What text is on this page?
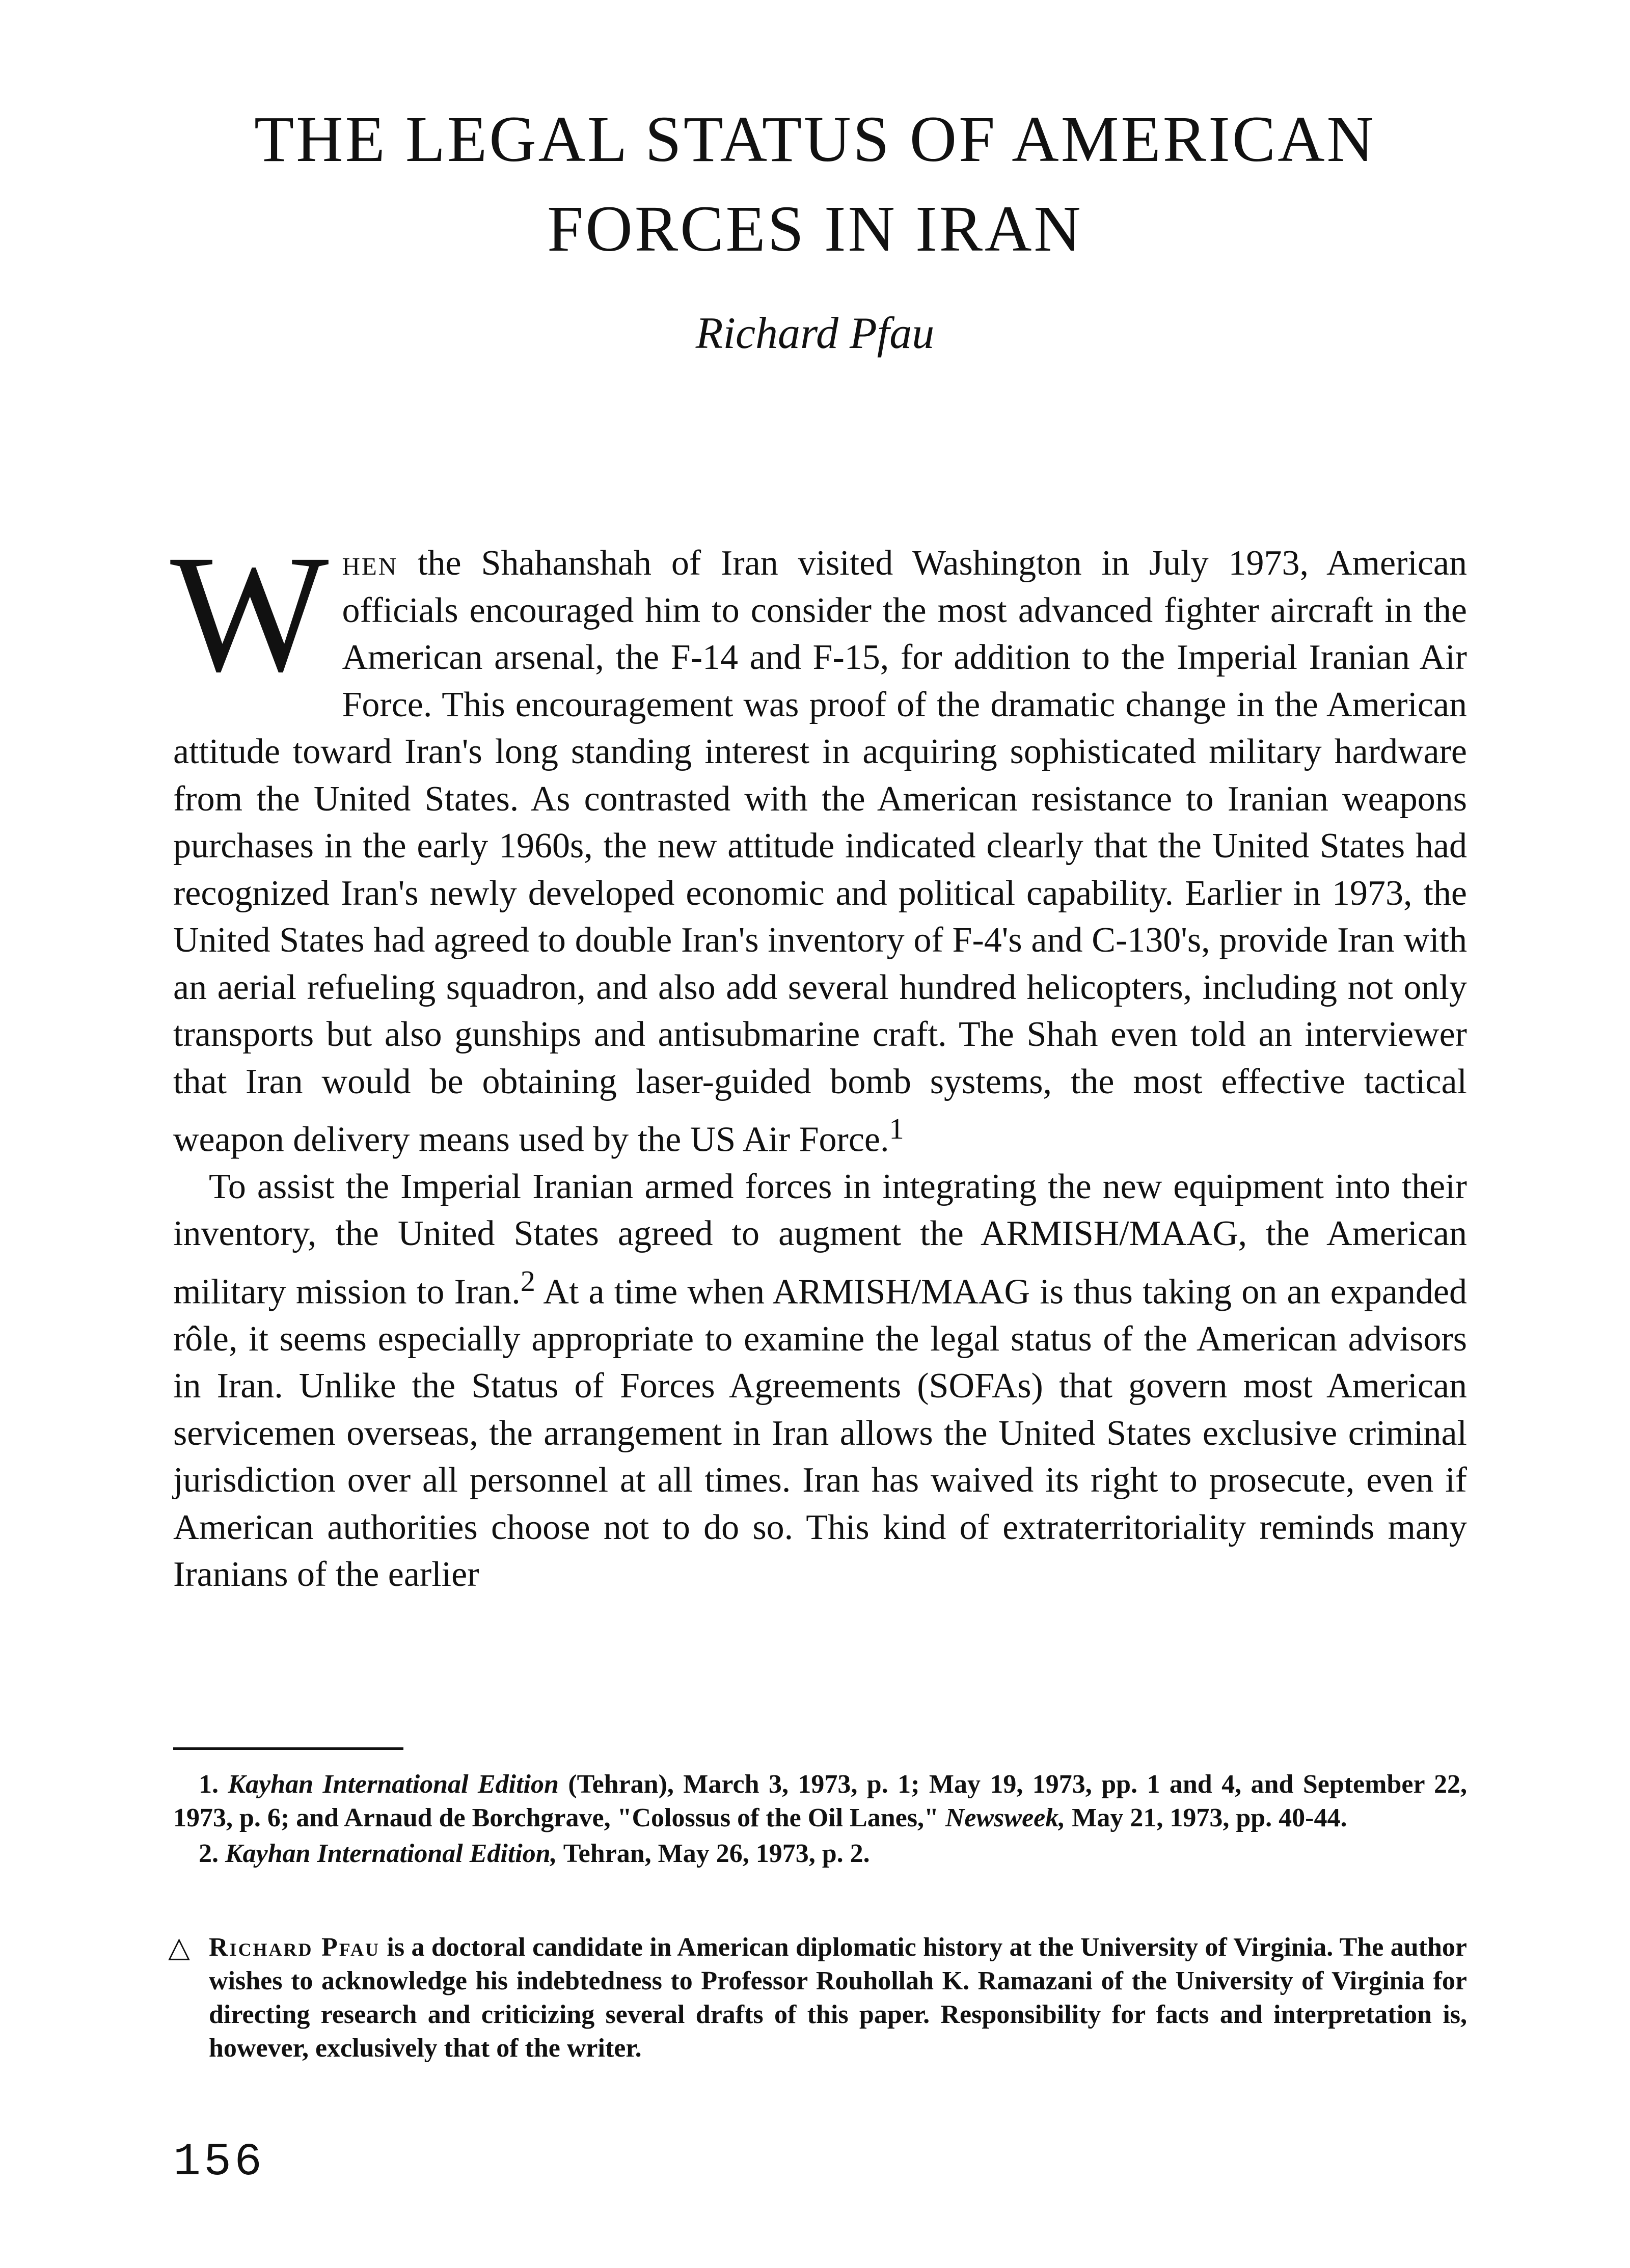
THE LEGAL STATUS OF AMERICAN
FORCES IN IRAN
Richard Pfau

When the Shahanshah of Iran visited Washington in July 1973, American officials encouraged him to consider the most advanced fighter aircraft in the American arsenal, the F-14 and F-15, for addition to the Imperial Iranian Air Force. This encouragement was proof of the dramatic change in the American attitude toward Iran's long standing interest in acquiring sophisticated military hardware from the United States. As contrasted with the American resistance to Iranian weapons purchases in the early 1960s, the new attitude indicated clearly that the United States had recognized Iran's newly developed economic and political capability. Earlier in 1973, the United States had agreed to double Iran's inventory of F-4's and C-130's, provide Iran with an aerial refueling squadron, and also add several hundred helicopters, including not only transports but also gunships and antisubmarine craft. The Shah even told an interviewer that Iran would be obtaining laser-guided bomb systems, the most effective tactical weapon delivery means used by the US Air Force.$^1$

To assist the Imperial Iranian armed forces in integrating the new equipment into their inventory, the United States agreed to augment the ARMISH/MAAG, the American military mission to Iran.$^2$ At a time when ARMISH/MAAG is thus taking on an expanded rôle, it seems especially appropriate to examine the legal status of the American advisors in Iran. Unlike the Status of Forces Agreements (SOFAs) that govern most American servicemen overseas, the arrangement in Iran allows the United States exclusive criminal jurisdiction over all personnel at all times. Iran has waived its right to prosecute, even if American authorities choose not to do so. This kind of extraterritoriality reminds many Iranians of the earlier

1. Kayhan International Edition (Tehran), March 3, 1973, p. 1; May 19, 1973, pp. 1 and 4, and September 22, 1973, p. 6; and Arnaud de Borchgrave, "Colossus of the Oil Lanes," Newsweek, May 21, 1973, pp. 40-44.

2. Kayhan International Edition, Tehran, May 26, 1973, p. 2.

△ Richard Pfau is a doctoral candidate in American diplomatic history at the University of Virginia. The author wishes to acknowledge his indebtedness to Professor Rouhollah K. Ramazani of the University of Virginia for directing research and criticizing several drafts of this paper. Responsibility for facts and interpretation is, however, exclusively that of the writer.
156
